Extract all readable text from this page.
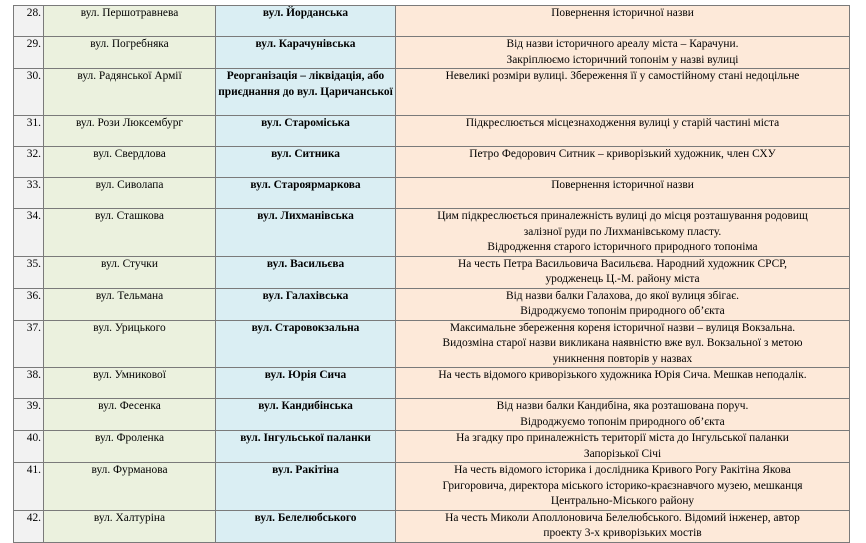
28.	вул. Першотравнева	вул. Йорданська	Повернення історичної назви

29.	вул. Погребняка	вул. Карачунівська	Від назви історичного ареалу міста – Карачуни.
Закріплюємо історичний топонім у назві вулиці

30.	вул. Радянської Армії	Реорганізація – ліквідація, або приєднання до вул. Царичанської	Невеликі розміри вулиці. Збереження її у самостійному стані недоцільне

31.	вул. Рози Люксембург	вул. Староміська	Підкреслюється місцезнаходження вулиці у старій частині міста

32.	вул. Свердлова	вул. Ситника	Петро Федорович Ситник – криворізький художник, член СХУ

33.	вул. Сиволапа	вул. Староярмаркова	Повернення історичної назви

34.	вул. Сташкова	вул. Лихманівська	Цим підкреслюється приналежність вулиці до місця розташування родовищ
залізної руди по Лихманівському пласту.
Відродження старого історичного природного топоніма

35.	вул. Стучки	вул. Васильєва	На честь Петра Васильовича Васильєва. Народний художник СРСР,
уродженець Ц.-М. району міста

36.	вул. Тельмана	вул. Галахівська	Від назви балки Галахова, до якої вулиця збігає.
Відроджуємо топонім природного об’єкта

37.	вул. Урицького	вул. Старовокзальна	Максимальне збереження кореня історичної назви – вулиця Вокзальна.
Видозміна старої назви викликана наявністю вже вул. Вокзальної з метою
уникнення повторів у назвах

38.	вул. Умникової	вул. Юрія Сича	На честь відомого криворізького художника Юрія Сича. Мешкав неподалік.

39.	вул. Фесенка	вул. Кандибінська	Від назви балки Кандибіна, яка розташована поруч.
Відроджуємо топонім природного об’єкта

40.	вул. Фроленка	вул. Інгульської паланки	На згадку про приналежність території міста до Інгульської паланки
Запорізької Січі

41.	вул. Фурманова	вул. Ракітіна	На честь відомого історика і дослідника Кривого Рогу Ракітіна Якова
Григоровича, директора міського історико-краєзнавчого музею, мешканця
Центрально-Міського району

42.	вул. Халтуріна	вул. Белелюбського	На честь Миколи Аполлоновича Белелюбського. Відомий інженер, автор
проекту 3-х криворізьких мостів
